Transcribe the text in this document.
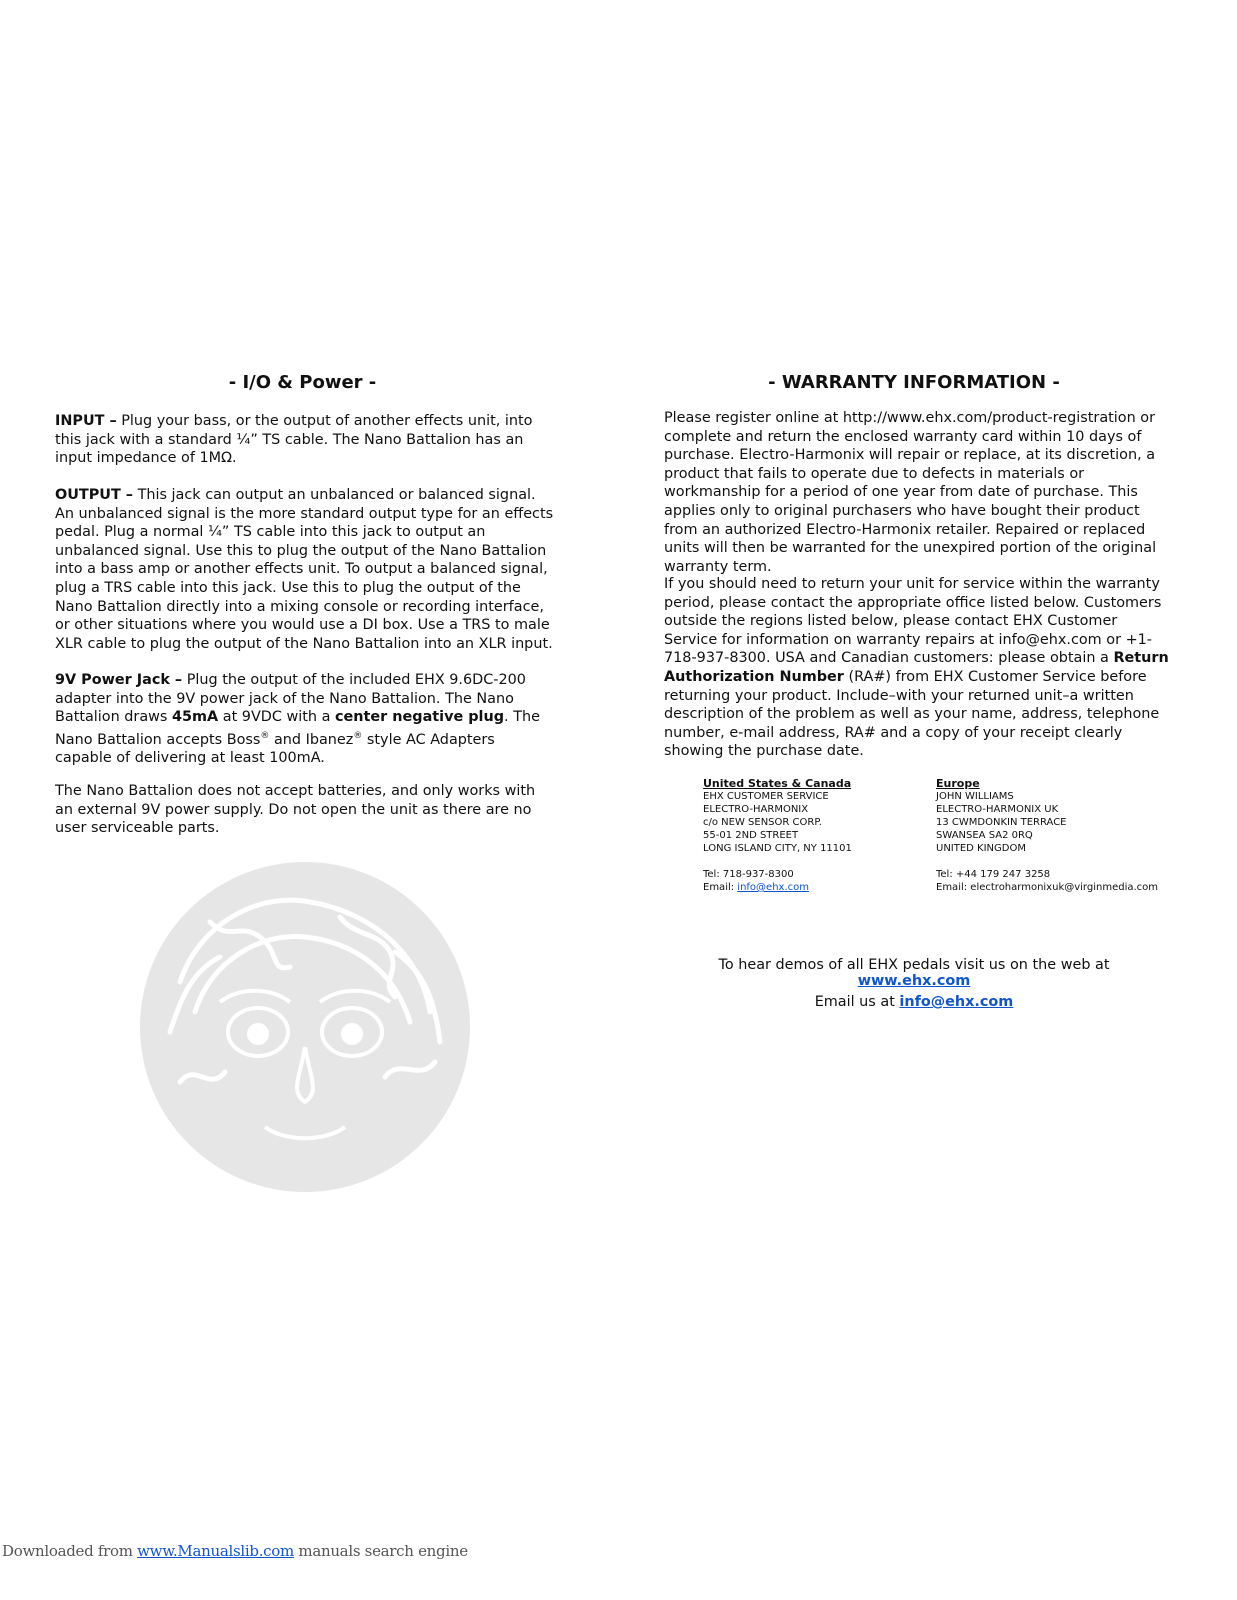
- I/O & Power -

INPUT – Plug your bass, or the output of another effects unit, into this jack with a standard ¼” TS cable. The Nano Battalion has an input impedance of 1MΩ.

OUTPUT – This jack can output an unbalanced or balanced signal. An unbalanced signal is the more standard output type for an effects pedal. Plug a normal ¼” TS cable into this jack to output an unbalanced signal. Use this to plug the output of the Nano Battalion into a bass amp or another effects unit. To output a balanced signal, plug a TRS cable into this jack. Use this to plug the output of the Nano Battalion directly into a mixing console or recording interface, or other situations where you would use a DI box. Use a TRS to male XLR cable to plug the output of the Nano Battalion into an XLR input.

9V Power Jack – Plug the output of the included EHX 9.6DC-200 adapter into the 9V power jack of the Nano Battalion. The Nano Battalion draws 45mA at 9VDC with a center negative plug. The Nano Battalion accepts Boss® and Ibanez® style AC Adapters capable of delivering at least 100mA.

The Nano Battalion does not accept batteries, and only works with an external 9V power supply. Do not open the unit as there are no user serviceable parts.

- WARRANTY INFORMATION -

Please register online at http://www.ehx.com/product-registration or complete and return the enclosed warranty card within 10 days of purchase. Electro-Harmonix will repair or replace, at its discretion, a product that fails to operate due to defects in materials or workmanship for a period of one year from date of purchase. This applies only to original purchasers who have bought their product from an authorized Electro-Harmonix retailer. Repaired or replaced units will then be warranted for the unexpired portion of the original warranty term.

If you should need to return your unit for service within the warranty period, please contact the appropriate office listed below. Customers outside the regions listed below, please contact EHX Customer Service for information on warranty repairs at info@ehx.com or +1-718-937-8300. USA and Canadian customers: please obtain a Return Authorization Number (RA#) from EHX Customer Service before returning your product. Include–with your returned unit–a written description of the problem as well as your name, address, telephone number, e-mail address, RA# and a copy of your receipt clearly showing the purchase date.

United States & Canada
EHX CUSTOMER SERVICE
ELECTRO-HARMONIX
c/o NEW SENSOR CORP.
55-01 2ND STREET
LONG ISLAND CITY, NY 11101
Tel: 718-937-8300
Email: info@ehx.com
Europe
JOHN WILLIAMS
ELECTRO-HARMONIX UK
13 CWMDONKIN TERRACE
SWANSEA SA2 0RQ
UNITED KINGDOM
Tel: +44 179 247 3258
Email: electroharmonixuk@virginmedia.com
To hear demos of all EHX pedals visit us on the web at www.ehx.com
Email us at info@ehx.com
Downloaded from www.Manualslib.com manuals search engine
